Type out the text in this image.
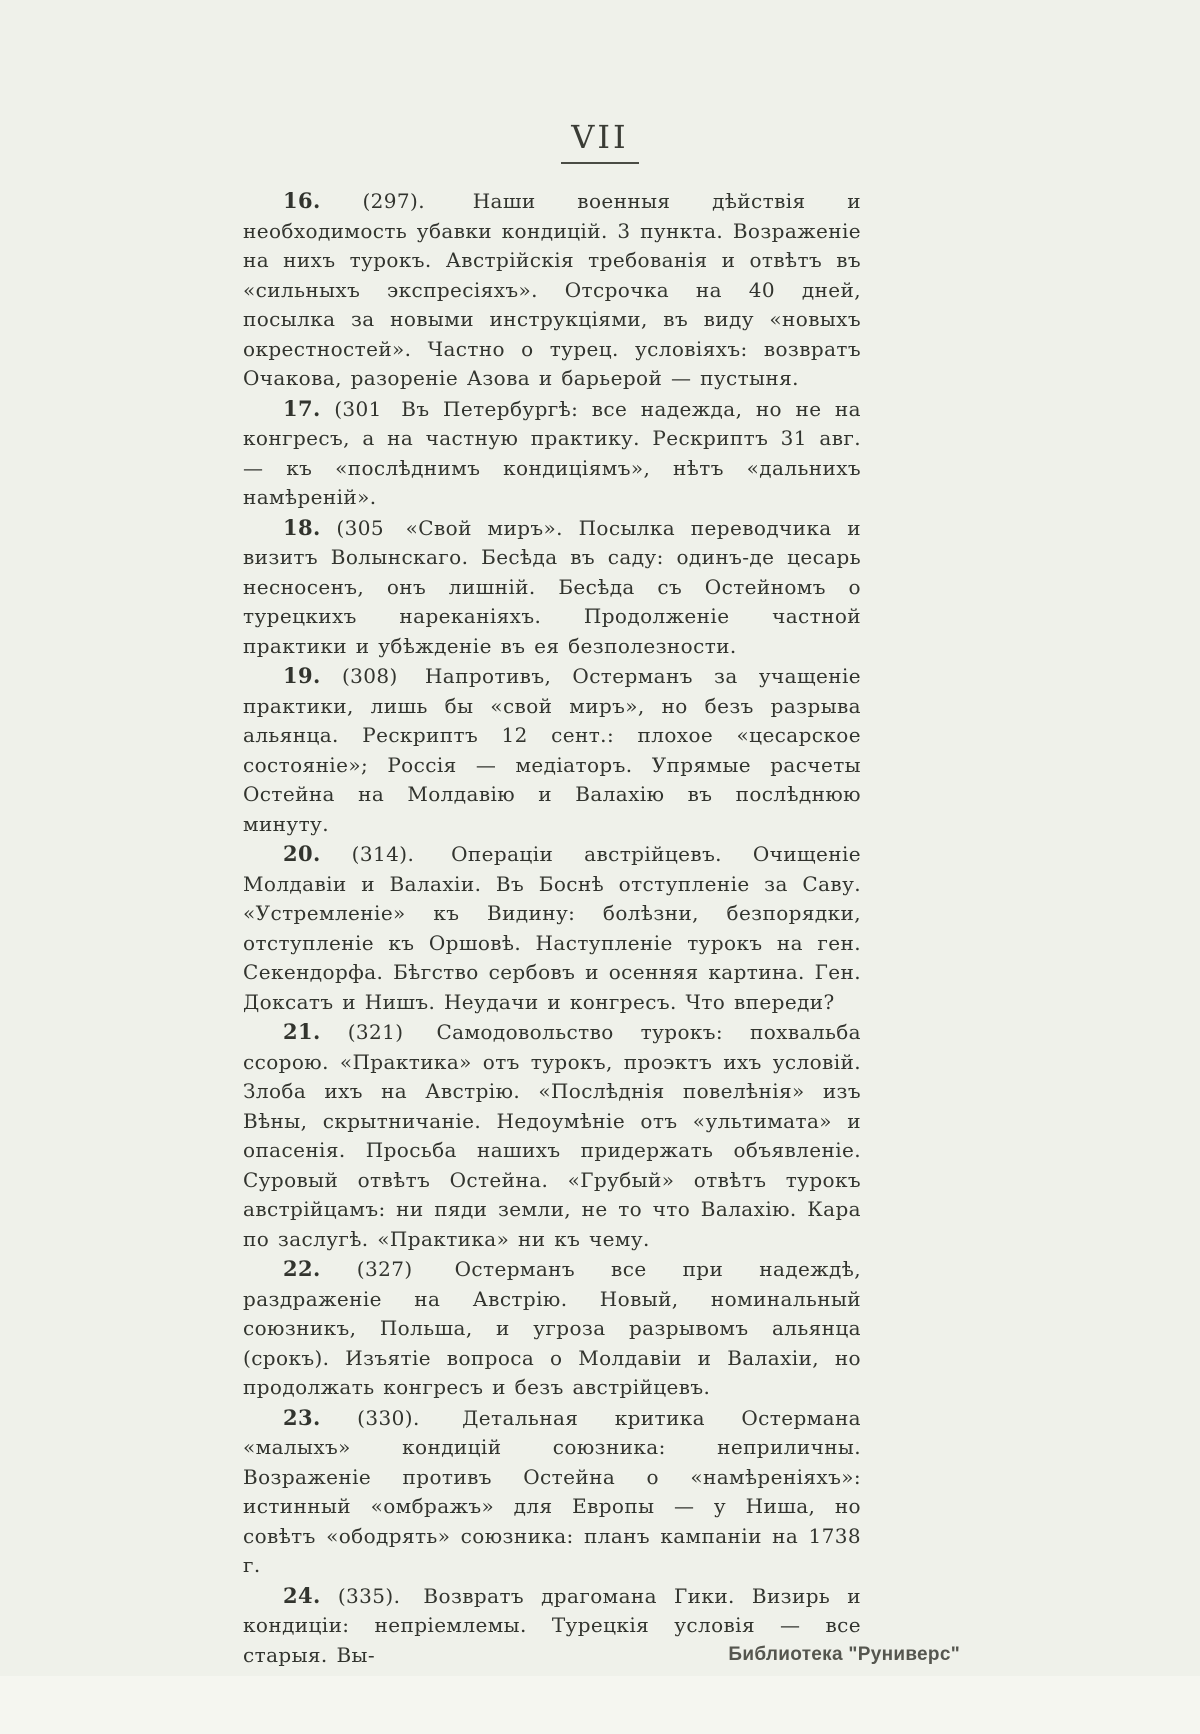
VII

16. (297). Наши военныя дѣйствія и необходимость убавки кондицій. 3 пункта. Возраженіе на нихъ турокъ. Австрійскія требованія и отвѣтъ въ «сильныхъ экспресіяхъ». Отсрочка на 40 дней, посылка за новыми инструкціями, въ виду «новыхъ окрестностей». Частно о турец. условіяхъ: возвратъ Очакова, разореніе Азова и барьерой — пустыня.

17. (301 Въ Петербургѣ: все надежда, но не на конгресъ, а на частную практику. Рескриптъ 31 авг. — къ «послѣднимъ кондиціямъ», нѣтъ «дальнихъ намѣреній».

18. (305 «Свой миръ». Посылка переводчика и визитъ Волынскаго. Бесѣда въ саду: одинъ-де цесарь несносенъ, онъ лишній. Бесѣда съ Остейномъ о турецкихъ нареканіяхъ. Продолженіе частной практики и убѣжденіе въ ея безполезности.

19. (308) Напротивъ, Остерманъ за учащеніе практики, лишь бы «свой миръ», но безъ разрыва альянца. Рескриптъ 12 сент.: плохое «цесарское состояніе»; Россія — медіаторъ. Упрямые расчеты Остейна на Молдавію и Валахію въ послѣднюю минуту.

20. (314). Операціи австрійцевъ. Очищеніе Молдавіи и Валахіи. Въ Боснѣ отступленіе за Саву. «Устремленіе» къ Видину: болѣзни, безпорядки, отступленіе къ Оршовѣ. Наступленіе турокъ на ген. Секендорфа. Бѣгство сербовъ и осенняя картина. Ген. Доксатъ и Нишъ. Неудачи и конгресъ. Что впереди?

21. (321) Самодовольство турокъ: похвальба ссорою. «Практика» отъ турокъ, проэктъ ихъ условій. Злоба ихъ на Австрію. «Послѣднія повелѣнія» изъ Вѣны, скрытничаніе. Недоумѣніе отъ «ультимата» и опасенія. Просьба нашихъ придержать объявленіе. Суровый отвѣтъ Остейна. «Грубый» отвѣтъ турокъ австрійцамъ: ни пяди земли, не то что Валахію. Кара по заслугѣ. «Практика» ни къ чему.

22. (327) Остерманъ все при надеждѣ, раздраженіе на Австрію. Новый, номинальный союзникъ, Польша, и угроза разрывомъ альянца (срокъ). Изъятіе вопроса о Молдавіи и Валахіи, но продолжать конгресъ и безъ австрійцевъ.

23. (330). Детальная критика Остермана «малыхъ» кондицій союзника: неприличны. Возраженіе противъ Остейна о «намѣреніяхъ»: истинный «омбражъ» для Европы — у Ниша, но совѣтъ «ободрять» союзника: планъ кампаніи на 1738 г.

24. (335). Возвратъ драгомана Гики. Визирь и кондиціи: непріемлемы. Турецкія условія — все старыя. Вы-	Библиотека "Руниверс"
